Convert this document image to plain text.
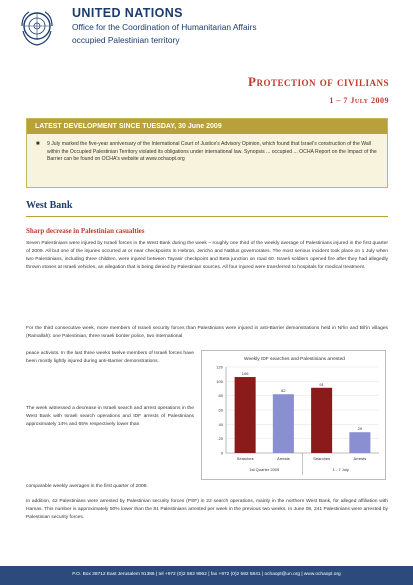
UNITED NATIONS
Office for the Coordination of Humanitarian Affairs
occupied Palestinian territory
Protection of civilians
1 – 7 July 2009
LATEST DEVELOPMENT SINCE TUESDAY, 30 June 2009
■ 9 July marked the five-year anniversary of the International Court of Justice's Advisory Opinion, which found that Israel's construction of the Wall within the Occupied Palestinian Territory violated its obligations under international law. Synopsis ... occupied ... OCHA Report on the Impact of the Barrier can be found on OCHA's website at www.ochaopt.org
West Bank
Sharp decrease in Palestinian casualties
Seven Palestinians were injured by Israeli forces in the West Bank during the week – roughly one third of the weekly average of Palestinians injured in the first quarter of 2009. All but one of the injuries occurred at or near checkpoints in Hebron, Jericho and Nablus governorates. The most serious incident took place on 1 July when two Palestinians, including three children, were injured between Tayasir checkpoint and Beta junction on road 60. Israeli soldiers opened fire after they had allegedly thrown stones at Israeli vehicles, an allegation that is being denied by Palestinian sources. All four injured were transferred to hospitals for medical treatment.
For the third consecutive week, more members of Israeli security forces than Palestinians were injured in anti-Barrier demonstrations held in Ni'lin and Bil'in villages (Ramallah): one Palestinian, three Israeli border police, two international
peace activists. In the last three weeks twelve members of Israeli forces have been mostly lightly injured during anti-Barrier demonstrations.
The week witnessed a decrease in Israeli search and arrest operations in the West Bank with Israeli search operations and IDF arrests of Palestinians approximately 14% and 65% respectively lower than
comparable weekly averages in the first quarter of 2009.
In addition, 42 Palestinians were arrested by Palestinian security forces (PSF) in 22 search operations, mainly in the northern West Bank, for alleged affiliation with Hamas. This number is approximately 50% lower than the 81 Palestinians arrested per week in the previous two weeks. In June 08, 241 Palestinians were arrested by Palestinian security forces.
Weekly IDF searches and Palestinians arrested
0
20
40
60
80
100
120
106
Searches
82
Arrests
91
Searches
29
Arrests
1st Quarter 2009	1 - 7 July
P.O. Box 38712 East Jerusalem 91386 | tel +972 (0)2 582 9962 | fax +972 (0)2 582 5841 | ochaopt@un.org | www.ochaopt.org
